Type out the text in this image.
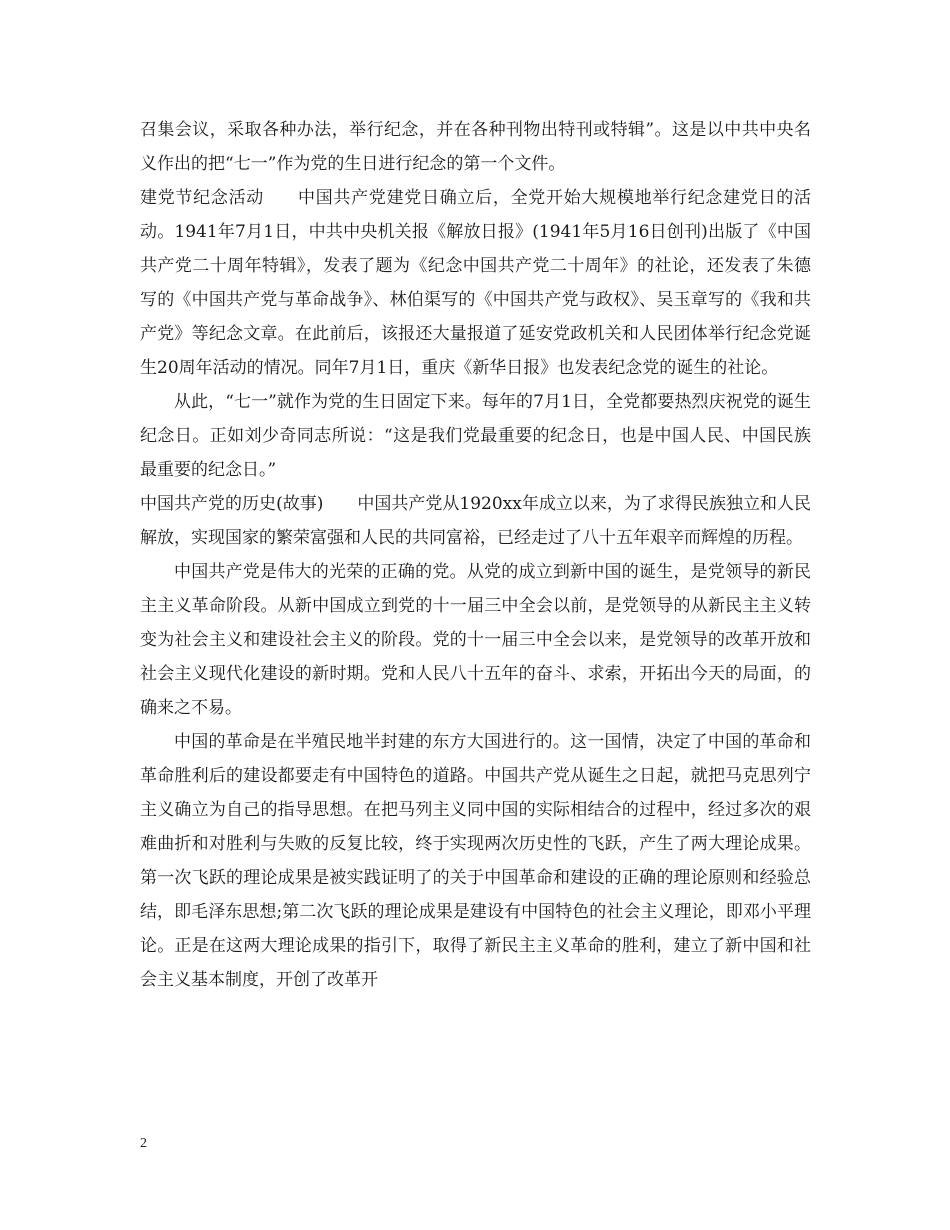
召集会议，采取各种办法，举行纪念，并在各种刊物出特刊或特辑”。这是以中共中央名义作出的把“七一”作为党的生日进行纪念的第一个文件。

建党节纪念活动 中国共产党建党日确立后，全党开始大规模地举行纪念建党日的活动。1941年7月1日，中共中央机关报《解放日报》(1941年5月16日创刊)出版了《中国共产党二十周年特辑》，发表了题为《纪念中国共产党二十周年》的社论，还发表了朱德写的《中国共产党与革命战争》、林伯渠写的《中国共产党与政权》、吴玉章写的《我和共产党》等纪念文章。在此前后，该报还大量报道了延安党政机关和人民团体举行纪念党诞生20周年活动的情况。同年7月1日，重庆《新华日报》也发表纪念党的诞生的社论。

从此，“七一”就作为党的生日固定下来。每年的7月1日，全党都要热烈庆祝党的诞生纪念日。正如刘少奇同志所说：“这是我们党最重要的纪念日，也是中国人民、中国民族最重要的纪念日。”

中国共产党的历史(故事) 中国共产党从1920xx年成立以来，为了求得民族独立和人民解放，实现国家的繁荣富强和人民的共同富裕，已经走过了八十五年艰辛而辉煌的历程。

中国共产党是伟大的光荣的正确的党。从党的成立到新中国的诞生，是党领导的新民主主义革命阶段。从新中国成立到党的十一届三中全会以前，是党领导的从新民主主义转变为社会主义和建设社会主义的阶段。党的十一届三中全会以来，是党领导的改革开放和社会主义现代化建设的新时期。党和人民八十五年的奋斗、求索，开拓出今天的局面，的确来之不易。

中国的革命是在半殖民地半封建的东方大国进行的。这一国情，决定了中国的革命和革命胜利后的建设都要走有中国特色的道路。中国共产党从诞生之日起，就把马克思列宁主义确立为自己的指导思想。在把马列主义同中国的实际相结合的过程中，经过多次的艰难曲折和对胜利与失败的反复比较，终于实现两次历史性的飞跃，产生了两大理论成果。第一次飞跃的理论成果是被实践证明了的关于中国革命和建设的正确的理论原则和经验总结，即毛泽东思想;第二次飞跃的理论成果是建设有中国特色的社会主义理论，即邓小平理论。正是在这两大理论成果的指引下，取得了新民主主义革命的胜利，建立了新中国和社会主义基本制度，开创了改革开

2
